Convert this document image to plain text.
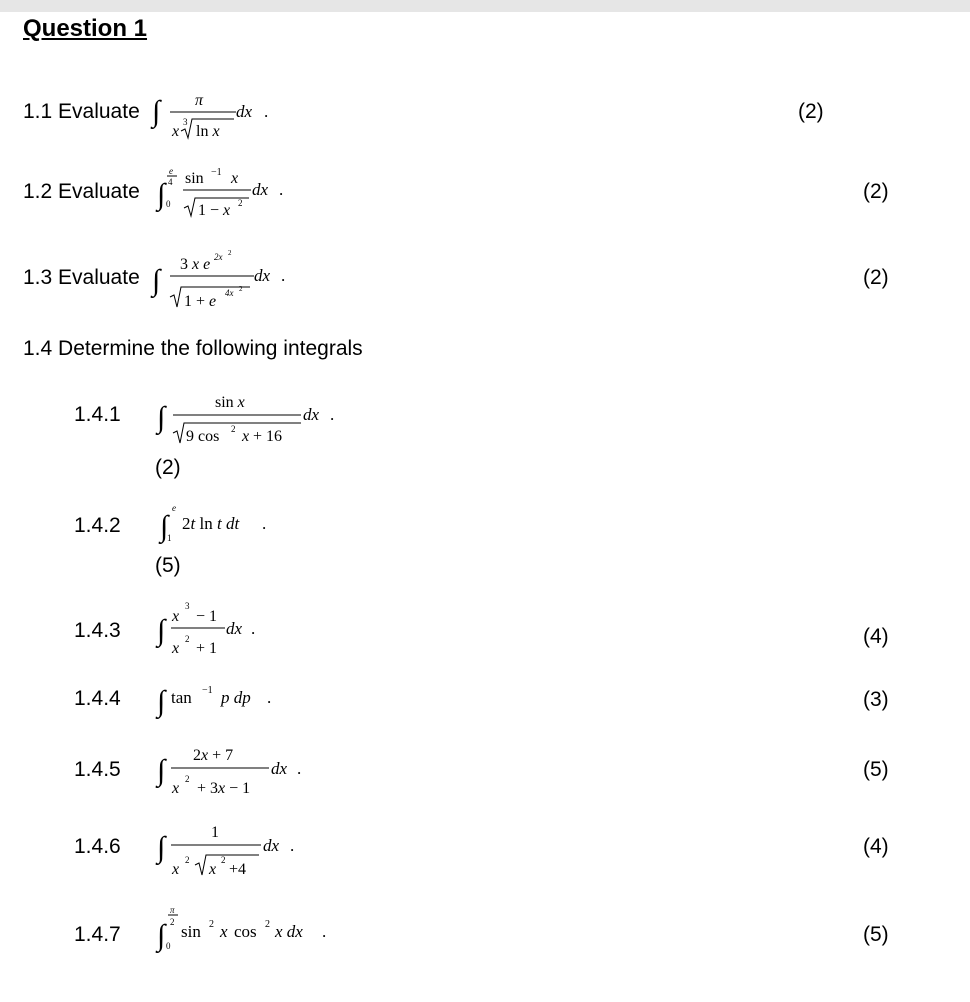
Question 1
1.1 Evaluate ∫ π
x
3
ln x
dx .	(2)
1.2 Evaluate ∫
e
4
0
sin −1 x
1 − x 2
dx .	(2)
1.3 Evaluate ∫ 3 x e 2x 2
1 + e 4x 2
dx .	(2)
1.4 Determine the following integrals
1.4.1 ∫	sin x
9 cos 2 x + 16
dx .
(2)
1.4.2 ∫
e
1
2t ln t dt .
(5)
1.4.3 ∫ x
3
− 1
x
2
+ 1
dx .	(4)
1.4.4 ∫ tan −1 p dp .	(3)
1.4.5 ∫ 2x + 7
x
2
+ 3x − 1
dx .	(5)
1.4.6 ∫	1
x
2
x
2
+4
dx .	(4)
1.4.7 ∫
π
2
0
sin 2 x cos 2 x dx .	(5)
